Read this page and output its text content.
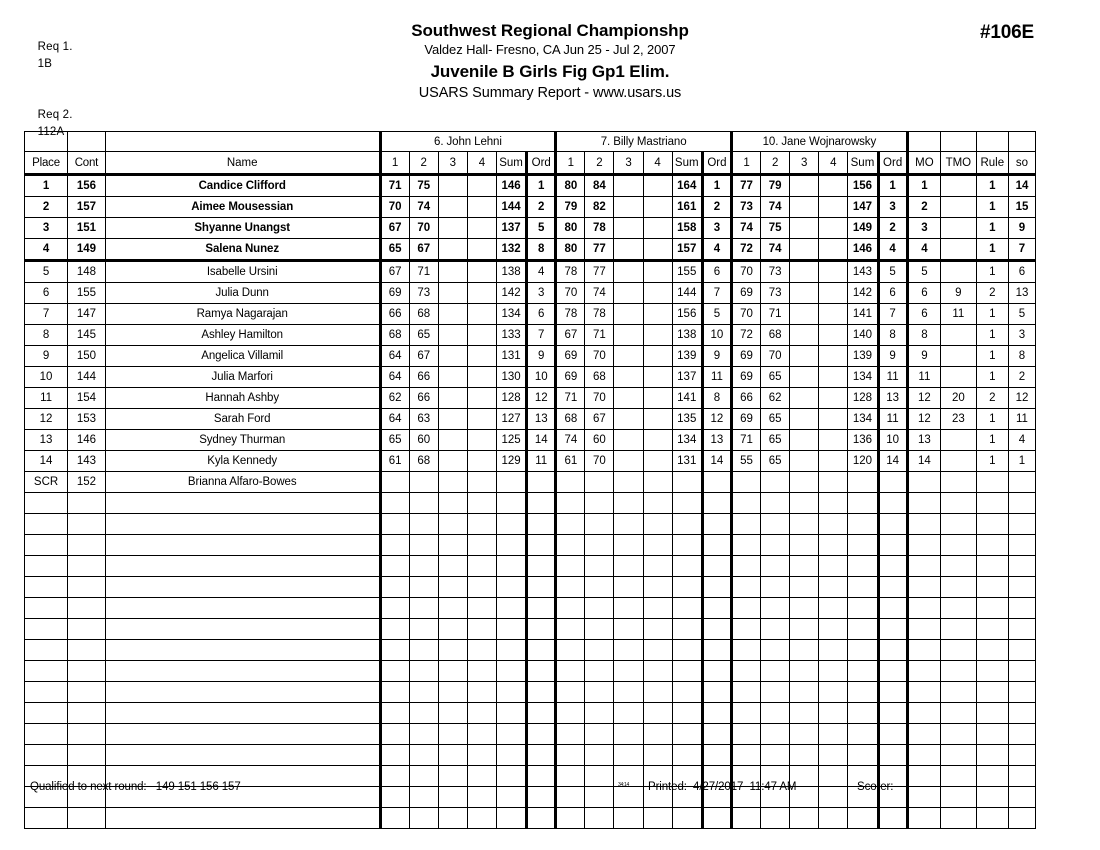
Req 1.
1B

Req 2.
112A

Southwest Regional Championshp
Valdez Hall- Fresno, CA Jun 25 - Jul 2, 2007
Juvenile B Girls Fig Gp1 Elim.
USARS Summary Report - www.usars.us
#106E
			6. John Lehni						7. Billy Mastriano						10. Jane Wojnarowsky									
Place	Cont	Name	1	2	3	4	Sum	Ord	1	2	3	4	Sum	Ord	1	2	3	4	Sum	Ord	MO	TMO	Rule	so
1	156	Candice Clifford	71	75			146	1	80	84			164	1	77	79			156	1	1		1	14
2	157	Aimee Mousessian	70	74			144	2	79	82			161	2	73	74			147	3	2		1	15
3	151	Shyanne Unangst	67	70			137	5	80	78			158	3	74	75			149	2	3		1	9
4	149	Salena Nunez	65	67			132	8	80	77			157	4	72	74			146	4	4		1	7
5	148	Isabelle Ursini	67	71			138	4	78	77			155	6	70	73			143	5	5		1	6
6	155	Julia Dunn	69	73			142	3	70	74			144	7	69	73			142	6	6	9	2	13
7	147	Ramya Nagarajan	66	68			134	6	78	78			156	5	70	71			141	7	6	11	1	5
8	145	Ashley Hamilton	68	65			133	7	67	71			138	10	72	68			140	8	8		1	3
9	150	Angelica Villamil	64	67			131	9	69	70			139	9	69	70			139	9	9		1	8
10	144	Julia Marfori	64	66			130	10	69	68			137	11	69	65			134	11	11		1	2
11	154	Hannah Ashby	62	66			128	12	71	70			141	8	66	62			128	13	12	20	2	12
12	153	Sarah Ford	64	63			127	13	68	67			135	12	69	65			134	11	12	23	1	11
13	146	Sydney Thurman	65	60			125	14	74	60			134	13	71	65			136	10	13		1	4
14	143	Kyla Kennedy	61	68			129	11	61	70			131	14	55	65			120	14	14		1	1
SCR	152	Brianna Alfaro-Bowes																						

Qualified to next round:   149 151 156 157	34:14 Printed:  4/27/2017  11:47 AM	Scorer:
